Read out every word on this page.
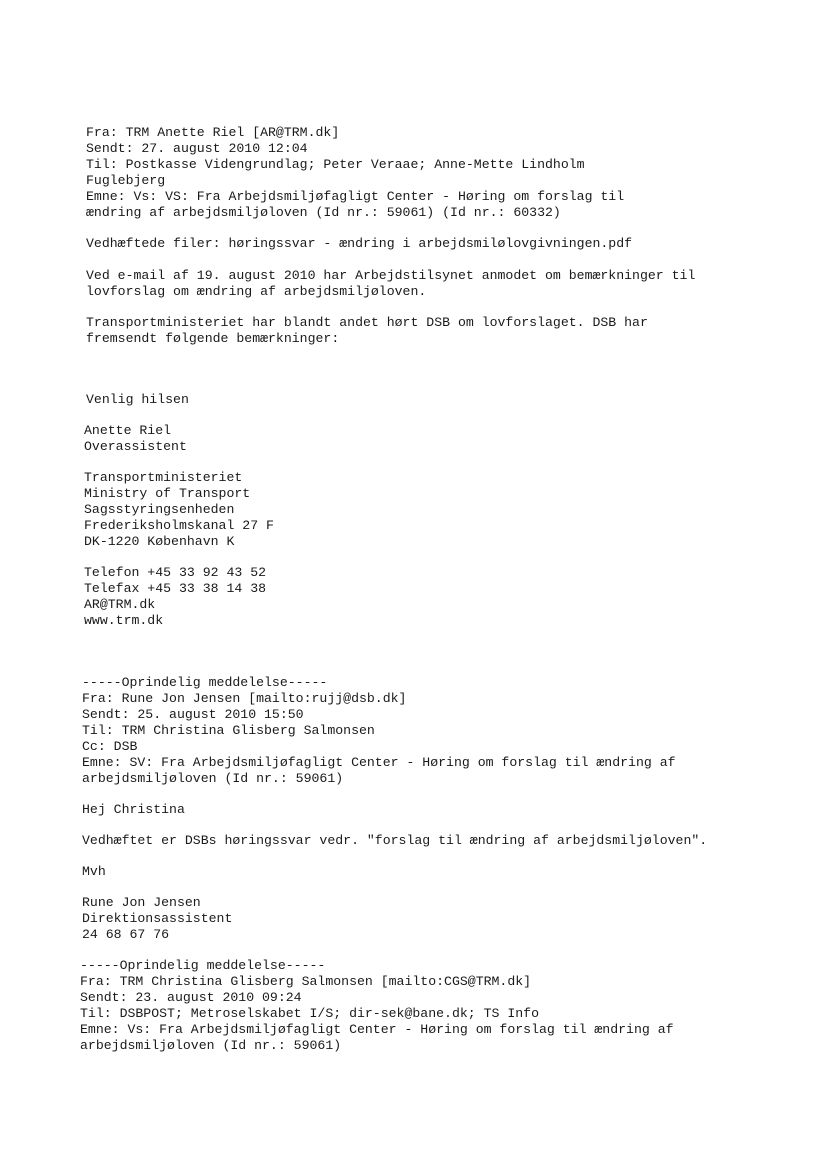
Fra: TRM Anette Riel [AR@TRM.dk]

Sendt: 27. august 2010 12:04

Til: Postkasse Videngrundlag; Peter Veraae; Anne-Mette Lindholm

Fuglebjerg

Emne: Vs: VS: Fra Arbejdsmiljøfagligt Center - Høring om forslag til

ændring af arbejdsmiljøloven (Id nr.: 59061) (Id nr.: 60332)

Vedhæftede filer: høringssvar - ændring i arbejdsmilølovgivningen.pdf

Ved e-mail af 19. august 2010 har Arbejdstilsynet anmodet om bemærkninger til

lovforslag om ændring af arbejdsmiljøloven.

Transportministeriet har blandt andet hørt DSB om lovforslaget. DSB har

fremsendt følgende bemærkninger:

Venlig hilsen

Anette Riel

Overassistent

Transportministeriet

Ministry of Transport

Sagsstyringsenheden

Frederiksholmskanal 27 F

DK-1220 København K

Telefon +45 33 92 43 52

Telefax +45 33 38 14 38

AR@TRM.dk

www.trm.dk

-----Oprindelig meddelelse-----

Fra: Rune Jon Jensen [mailto:rujj@dsb.dk]

Sendt: 25. august 2010 15:50

Til: TRM Christina Glisberg Salmonsen

Cc: DSB

Emne: SV: Fra Arbejdsmiljøfagligt Center - Høring om forslag til ændring af

arbejdsmiljøloven (Id nr.: 59061)

Hej Christina

Vedhæftet er DSBs høringssvar vedr. "forslag til ændring af arbejdsmiljøloven".

Mvh

Rune Jon Jensen

Direktionsassistent

24 68 67 76

-----Oprindelig meddelelse-----

Fra: TRM Christina Glisberg Salmonsen [mailto:CGS@TRM.dk]

Sendt: 23. august 2010 09:24

Til: DSBPOST; Metroselskabet I/S; dir-sek@bane.dk; TS Info

Emne: Vs: Fra Arbejdsmiljøfagligt Center - Høring om forslag til ændring af

arbejdsmiljøloven (Id nr.: 59061)
